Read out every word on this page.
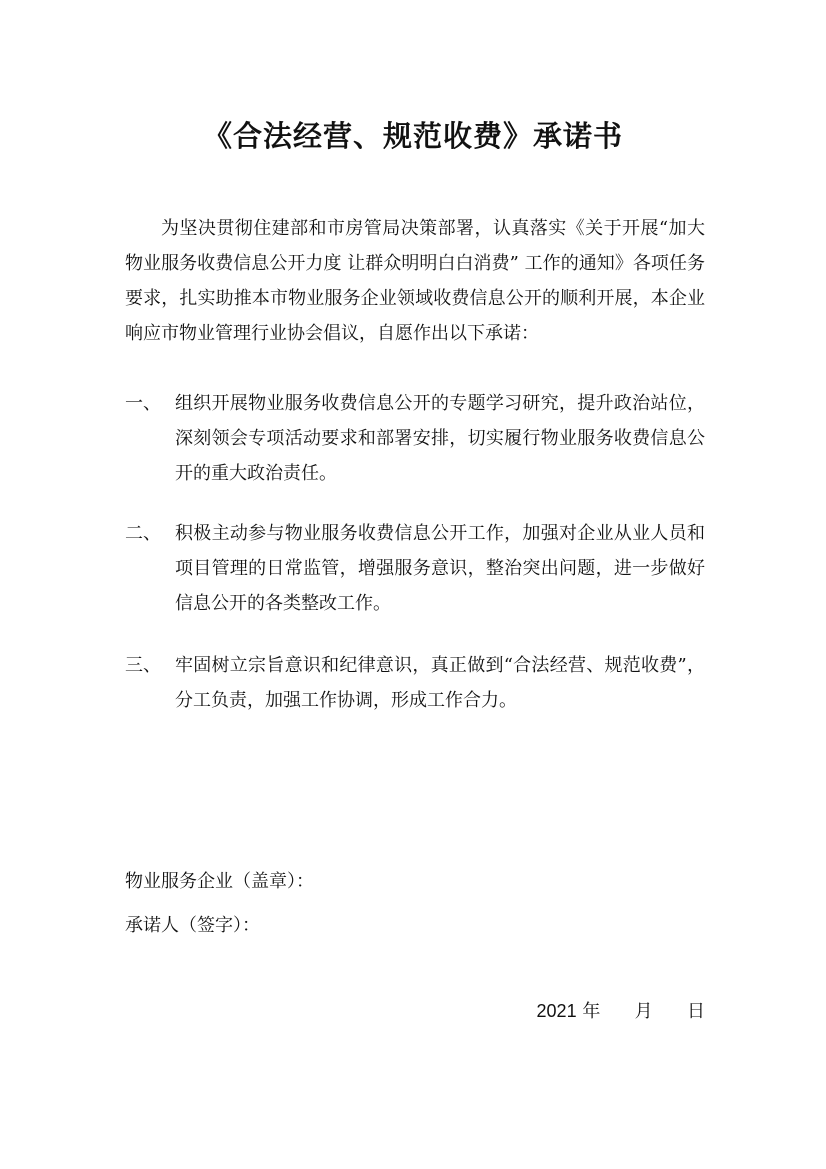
《合法经营、规范收费》承诺书

为坚决贯彻住建部和市房管局决策部署，认真落实《关于开展“加大物业服务收费信息公开力度 让群众明明白白消费” 工作的通知》各项任务要求，扎实助推本市物业服务企业领域收费信息公开的顺利开展，本企业响应市物业管理行业协会倡议，自愿作出以下承诺：

一、 组织开展物业服务收费信息公开的专题学习研究，提升政治站位，深刻领会专项活动要求和部署安排，切实履行物业服务收费信息公开的重大政治责任。
二、 积极主动参与物业服务收费信息公开工作，加强对企业从业人员和项目管理的日常监管，增强服务意识，整治突出问题，进一步做好信息公开的各类整改工作。
三、 牢固树立宗旨意识和纪律意识，真正做到“合法经营、规范收费”，分工负责，加强工作协调，形成工作合力。
物业服务企业（盖章）：
承诺人（签字）：
2021 年 月 日
